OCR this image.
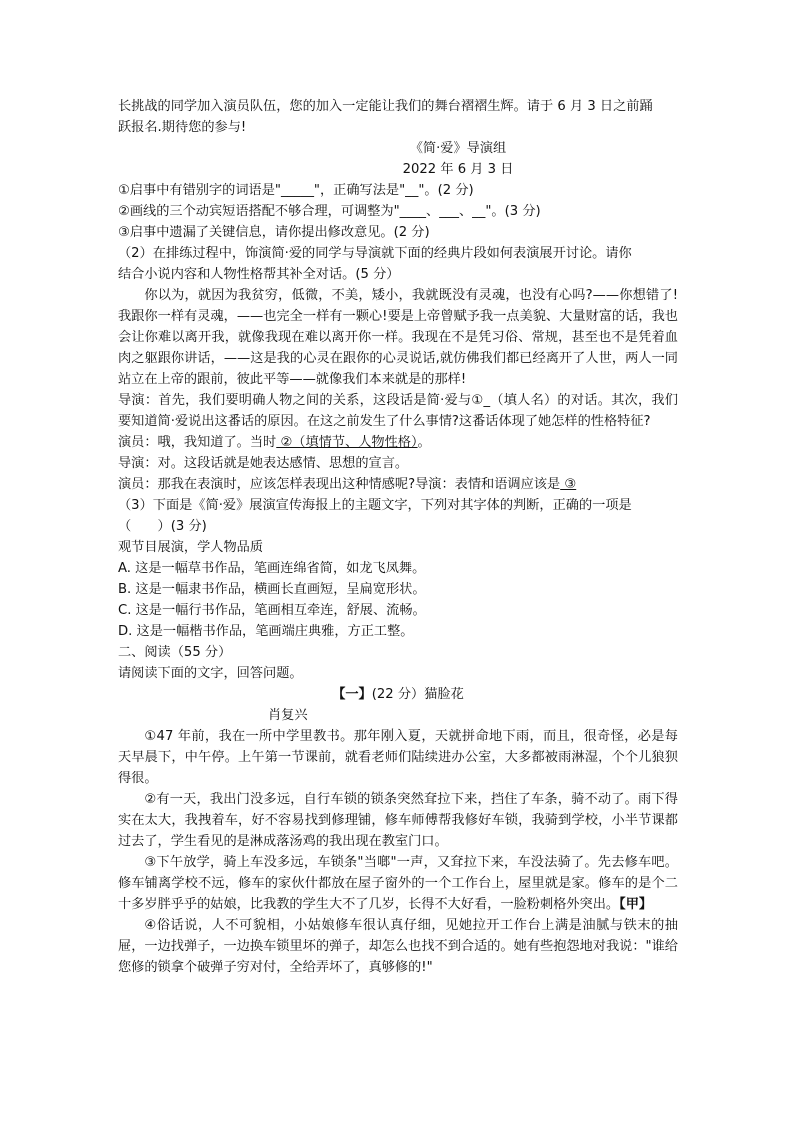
长挑战的同学加入演员队伍，您的加入一定能让我们的舞台褶褶生辉。请于 6 月 3 日之前踊
跃报名.期待您的参与!
《简·爱》导演组
2022 年 6 月 3 日
①启事中有错别字的词语是"_____"，正确写法是"__"。(2 分)
②画线的三个动宾短语搭配不够合理，可调整为"____、___、__"。(3 分)
③启事中遗漏了关键信息，请你提出修改意见。(2 分)
（2）在排练过程中，饰演简·爱的同学与导演就下面的经典片段如何表演展开讨论。请你
结合小说内容和人物性格帮其补全对话。(5 分）
你以为，就因为我贫穷，低微，不美，矮小，我就既没有灵魂，也没有心吗?——你想错了!我跟你一样有灵魂，——也完全一样有一颗心!要是上帝曾赋予我一点美貌、大量财富的话，我也会让你难以离开我，就像我现在难以离开你一样。我现在不是凭习俗、常规，甚至也不是凭着血肉之躯跟你讲话，——这是我的心灵在跟你的心灵说话,就仿佛我们都已经离开了人世，两人一同站立在上帝的跟前，彼此平等——就像我们本来就是的那样!
导演：首先，我们要明确人物之间的关系，这段话是简·爱与①_（填人名）的对话。其次，我们要知道简·爱说出这番话的原因。在这之前发生了什么事情?这番话体现了她怎样的性格特征?
演员：哦，我知道了。当时 ②（填情节、人物性格）。
导演：对。这段话就是她表达感情、思想的宣言。
演员：那我在表演时，应该怎样表现出这种情感呢?导演：表情和语调应该是 ③
（3）下面是《简·爱》展演宣传海报上的主题文字，下列对其字体的判断，正确的一项是
（　　）(3 分)
观节目展演，学人物品质
A. 这是一幅草书作品，笔画连绵省简，如龙飞凤舞。
B. 这是一幅隶书作品，横画长直画短，呈扁宽形状。
C. 这是一幅行书作品，笔画相互牵连，舒展、流畅。
D. 这是一幅楷书作品，笔画端庄典雅，方正工整。
二、阅读（55 分）
请阅读下面的文字，回答问题。
【一】(22 分）猫脸花
肖复兴
①47 年前，我在一所中学里教书。那年刚入夏，天就拼命地下雨，而且，很奇怪，必是每天早晨下，中午停。上午第一节课前，就看老师们陆续进办公室，大多都被雨淋湿，个个儿狼狈得很。
②有一天，我出门没多远，自行车锁的锁条突然耷拉下来，挡住了车条，骑不动了。雨下得实在太大，我拽着车，好不容易找到修理铺，修车师傅帮我修好车锁，我骑到学校，小半节课都过去了，学生看见的是淋成落汤鸡的我出现在教室门口。
③下午放学，骑上车没多远，车锁条"当啷"一声，又耷拉下来，车没法骑了。先去修车吧。修车铺离学校不远，修车的家伙什都放在屋子窗外的一个工作台上，屋里就是家。修车的是个二十多岁胖乎乎的姑娘，比我教的学生大不了几岁，长得不大好看，一脸粉刺格外突出。【甲】
④俗话说，人不可貌相，小姑娘修车很认真仔细，见她拉开工作台上满是油腻与铁末的抽屉，一边找弹子，一边换车锁里坏的弹子，却怎么也找不到合适的。她有些抱怨地对我说："谁给您修的锁拿个破弹子穷对付，全给弄坏了，真够修的!"
